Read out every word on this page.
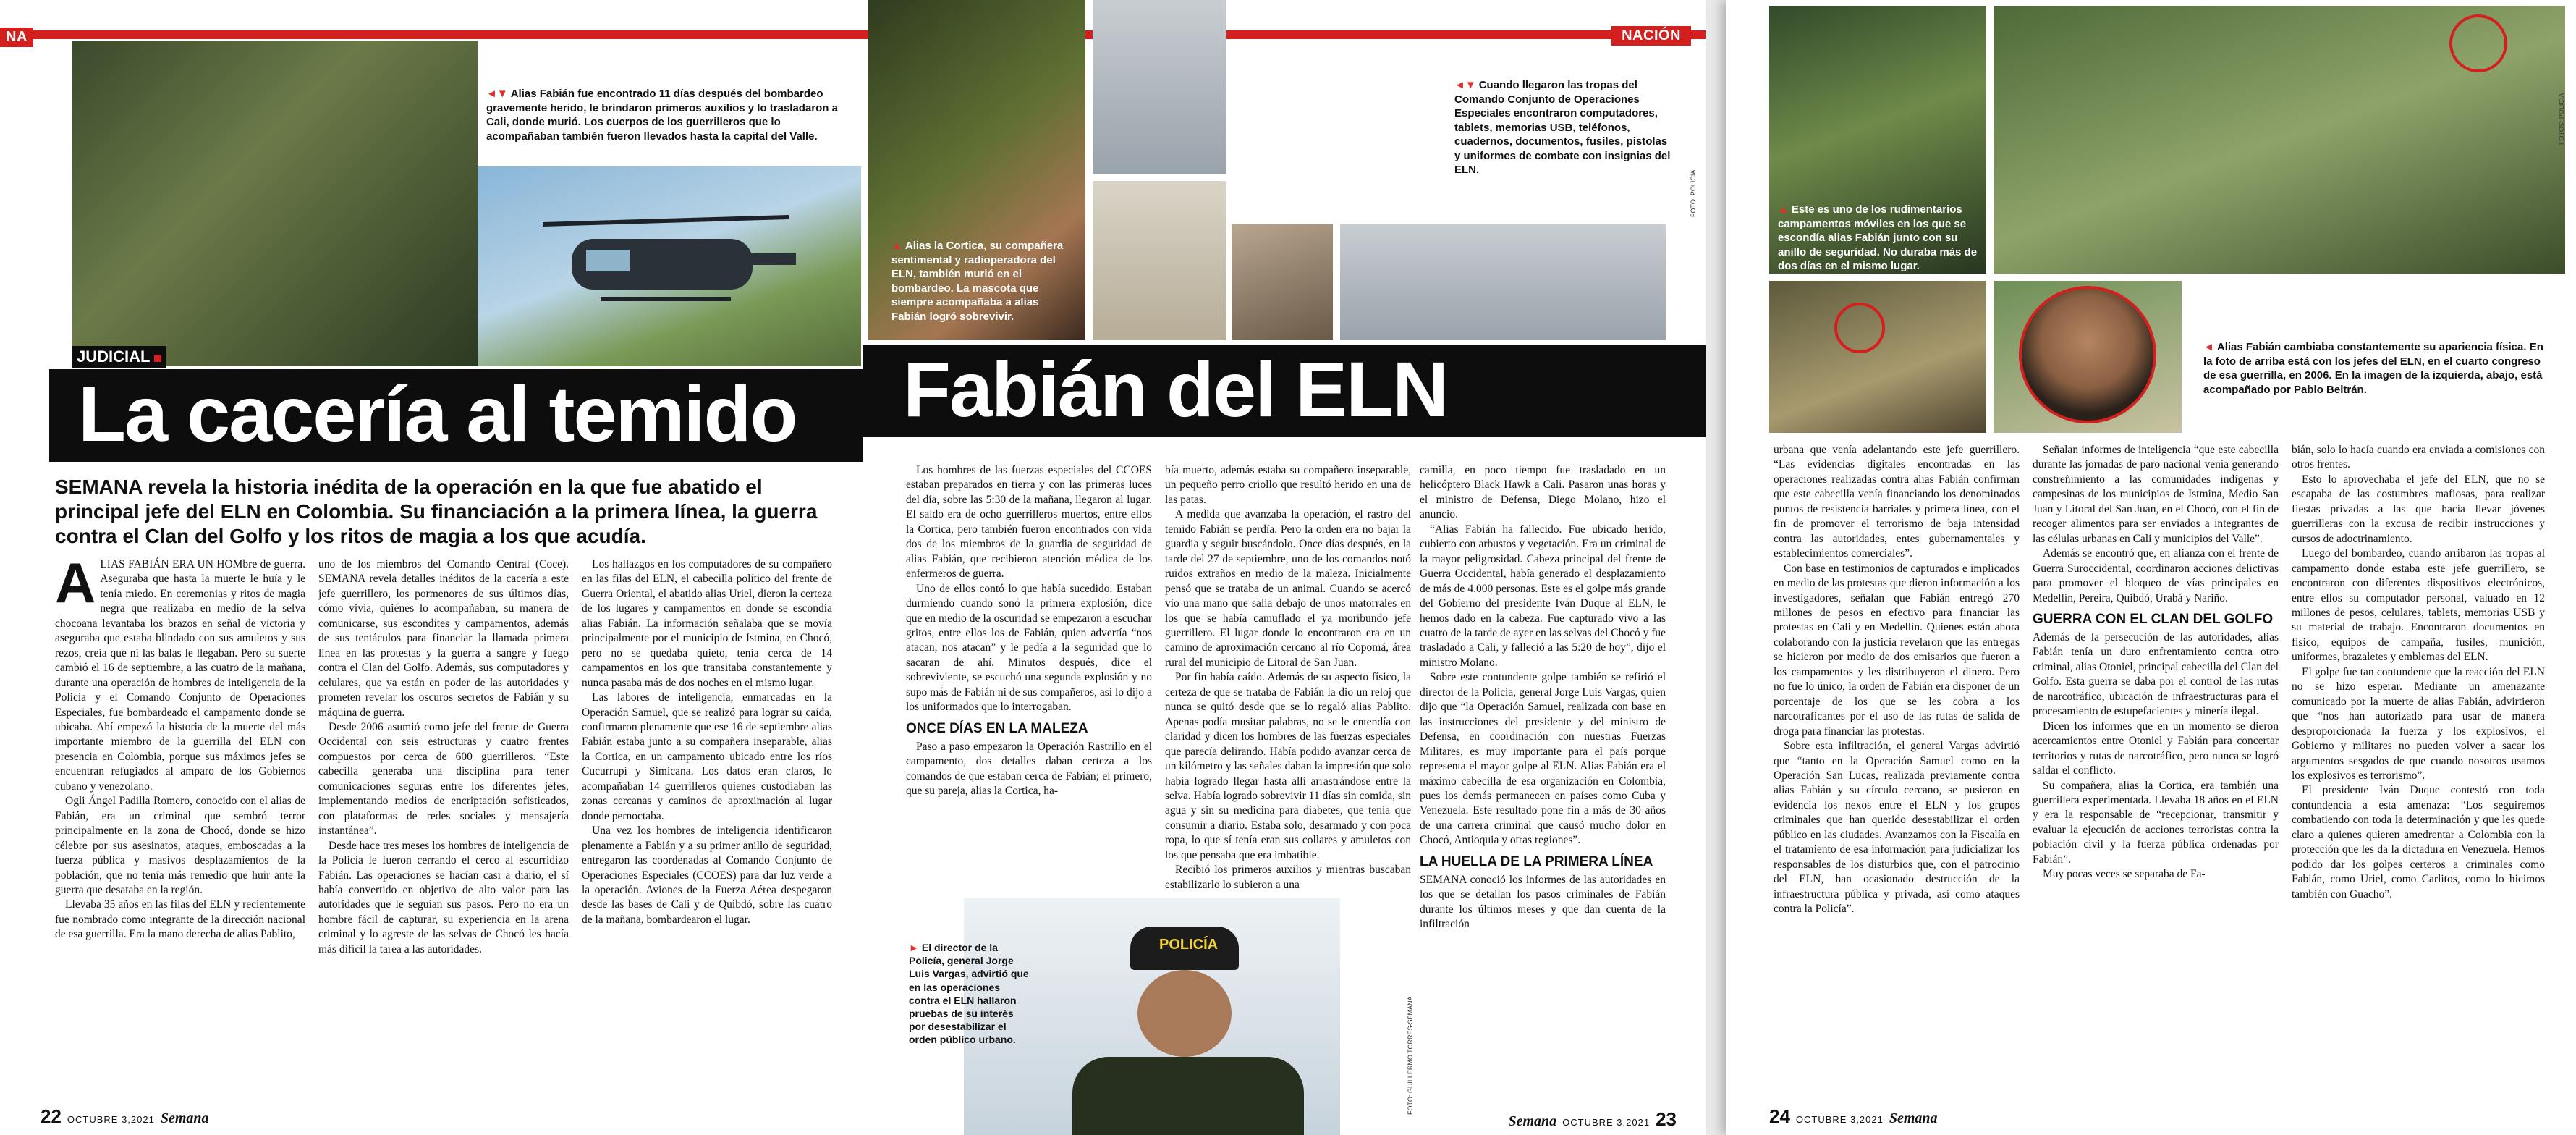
NA
◄▼ Alias Fabián fue encontrado 11 días después del bombardeo gravemente herido, le brindaron primeros auxilios y lo trasladaron a Cali, donde murió. Los cuerpos de los guerrilleros que lo acompañaban también fueron llevados hasta la capital del Valle.
JUDICIAL
La cacería al temido
SEMANA revela la historia inédita de la operación en la que fue abatido el principal jefe del ELN en Colombia. Su financiación a la primera línea, la guerra contra el Clan del Golfo y los ritos de magia a los que acudía.
A LIAS FABIÁN ERA UN HOMbre de guerra. Aseguraba que hasta la muerte le huía y le tenía miedo. En ceremonias y ritos de magia negra que realizaba en medio de la selva chocoana levantaba los brazos en señal de victoria y aseguraba que estaba blindado con sus amuletos y sus rezos, creía que ni las balas le llegaban. Pero su suerte cambió el 16 de septiembre, a las cuatro de la mañana, durante una operación de hombres de inteligencia de la Policía y el Comando Conjunto de Operaciones Especiales, fue bombardeado el campamento donde se ubicaba. Ahí empezó la historia de la muerte del más importante miembro de la guerrilla del ELN con presencia en Colombia, porque sus máximos jefes se encuentran refugiados al amparo de los Gobiernos cubano y venezolano.

Ogli Ángel Padilla Romero, conocido con el alias de Fabián, era un criminal que sembró terror principalmente en la zona de Chocó, donde se hizo célebre por sus asesinatos, ataques, emboscadas a la fuerza pública y masivos desplazamientos de la población, que no tenía más remedio que huir ante la guerra que desataba en la región.

Llevaba 35 años en las filas del ELN y recientemente fue nombrado como integrante de la dirección nacional de esa guerrilla. Era la mano derecha de alias Pablito,

uno de los miembros del Comando Central (Coce). SEMANA revela detalles inéditos de la cacería a este jefe guerrillero, los pormenores de sus últimos días, cómo vivía, quiénes lo acompañaban, su manera de comunicarse, sus escondites y campamentos, además de sus tentáculos para financiar la llamada primera línea en las protestas y la guerra a sangre y fuego contra el Clan del Golfo. Además, sus computadores y celulares, que ya están en poder de las autoridades y prometen revelar los oscuros secretos de Fabián y su máquina de guerra.

Desde 2006 asumió como jefe del frente de Guerra Occidental con seis estructuras y cuatro frentes compuestos por cerca de 600 guerrilleros. “Este cabecilla generaba una disciplina para tener comunicaciones seguras entre los diferentes jefes, implementando medios de encriptación sofisticados, con plataformas de redes sociales y mensajería instantánea”.

Desde hace tres meses los hombres de inteligencia de la Policía le fueron cerrando el cerco al escurridizo Fabián. Las operaciones se hacían casi a diario, el sí había convertido en objetivo de alto valor para las autoridades que le seguían sus pasos. Pero no era un hombre fácil de capturar, su experiencia en la arena criminal y lo agreste de las selvas de Chocó les hacía más difícil la tarea a las autoridades.

Los hallazgos en los computadores de su compañero en las filas del ELN, el cabecilla político del frente de Guerra Oriental, el abatido alias Uriel, dieron la certeza de los lugares y campamentos en donde se escondía alias Fabián. La información señalaba que se movía principalmente por el municipio de Istmina, en Chocó, pero no se quedaba quieto, tenía cerca de 14 campamentos en los que transitaba constantemente y nunca pasaba más de dos noches en el mismo lugar.

Las labores de inteligencia, enmarcadas en la Operación Samuel, que se realizó para lograr su caída, confirmaron plenamente que ese 16 de septiembre alias Fabián estaba junto a su compañera inseparable, alias la Cortica, en un campamento ubicado entre los ríos Cucurrupí y Simicana. Los datos eran claros, lo acompañaban 14 guerrilleros quienes custodiaban las zonas cercanas y caminos de aproximación al lugar donde pernoctaba.

Una vez los hombres de inteligencia identificaron plenamente a Fabián y a su primer anillo de seguridad, entregaron las coordenadas al Comando Conjunto de Operaciones Especiales (CCOES) para dar luz verde a la operación. Aviones de la Fuerza Aérea despegaron desde las bases de Cali y de Quibdó, sobre las cuatro de la mañana, bombardearon el lugar.

22 OCTUBRE 3,2021 Semana
NACIÓN
▲ Alias la Cortica, su compañera sentimental y radioperadora del ELN, también murió en el bombardeo. La mascota que siempre acompañaba a alias Fabián logró sobrevivir.
◄▼ Cuando llegaron las tropas del Comando Conjunto de Operaciones Especiales encontraron computadores, tablets, memorias USB, teléfonos, cuadernos, documentos, fusiles, pistolas y uniformes de combate con insignias del ELN.
FOTO: POLICÍA
Fabián del ELN

Los hombres de las fuerzas especiales del CCOES estaban preparados en tierra y con las primeras luces del día, sobre las 5:30 de la mañana, llegaron al lugar. El saldo era de ocho guerrilleros muertos, entre ellos la Cortica, pero también fueron encontrados con vida dos de los miembros de la guardia de seguridad de alias Fabián, que recibieron atención médica de los enfermeros de guerra.

Uno de ellos contó lo que había sucedido. Estaban durmiendo cuando sonó la primera explosión, dice que en medio de la oscuridad se empezaron a escuchar gritos, entre ellos los de Fabián, quien advertía “nos atacan, nos atacan” y le pedía a la seguridad que lo sacaran de ahí. Minutos después, dice el sobreviviente, se escuchó una segunda explosión y no supo más de Fabián ni de sus compañeros, así lo dijo a los uniformados que lo interrogaban.

ONCE DÍAS EN LA MALEZA

Paso a paso empezaron la Operación Rastrillo en el campamento, dos detalles daban certeza a los comandos de que estaban cerca de Fabián; el primero, que su pareja, alias la Cortica, ha-

POLICÍA
► El director de la Policía, general Jorge Luis Vargas, advirtió que en las operaciones contra el ELN hallaron pruebas de su interés por desestabilizar el orden público urbano.

bía muerto, además estaba su compañero inseparable, un pequeño perro criollo que resultó herido en una de las patas.

A medida que avanzaba la operación, el rastro del temido Fabián se perdía. Pero la orden era no bajar la guardia y seguir buscándolo. Once días después, en la tarde del 27 de septiembre, uno de los comandos notó ruidos extraños en medio de la maleza. Inicialmente pensó que se trataba de un animal. Cuando se acercó vio una mano que salía debajo de unos matorrales en los que se había camuflado el ya moribundo jefe guerrillero. El lugar donde lo encontraron era en un camino de aproximación cercano al río Copomá, área rural del municipio de Litoral de San Juan.

Por fin había caído. Además de su aspecto físico, la certeza de que se trataba de Fabián la dio un reloj que nunca se quitó desde que se lo regaló alias Pablito. Apenas podía musitar palabras, no se le entendía con claridad y dicen los hombres de las fuerzas especiales que parecía delirando. Había podido avanzar cerca de un kilómetro y las señales daban la impresión que solo había logrado llegar hasta allí arrastrándose entre la selva. Había logrado sobrevivir 11 días sin comida, sin agua y sin su medicina para diabetes, que tenía que consumir a diario. Estaba solo, desarmado y con poca ropa, lo que sí tenía eran sus collares y amuletos con los que pensaba que era imbatible.

Recibió los primeros auxilios y mientras buscaban estabilizarlo lo subieron a una

camilla, en poco tiempo fue trasladado en un helicóptero Black Hawk a Cali. Pasaron unas horas y el ministro de Defensa, Diego Molano, hizo el anuncio.

“Alias Fabián ha fallecido. Fue ubicado herido, cubierto con arbustos y vegetación. Era un criminal de la mayor peligrosidad. Cabeza principal del frente de Guerra Occidental, había generado el desplazamiento de más de 4.000 personas. Este es el golpe más grande del Gobierno del presidente Iván Duque al ELN, le hemos dado en la cabeza. Fue capturado vivo a las cuatro de la tarde de ayer en las selvas del Chocó y fue trasladado a Cali, y falleció a las 5:20 de hoy”, dijo el ministro Molano.

Sobre este contundente golpe también se refirió el director de la Policía, general Jorge Luis Vargas, quien dijo que “la Operación Samuel, realizada con base en las instrucciones del presidente y del ministro de Defensa, en coordinación con nuestras Fuerzas Militares, es muy importante para el país porque representa el mayor golpe al ELN. Alias Fabián era el máximo cabecilla de esa organización en Colombia, pues los demás permanecen en países como Cuba y Venezuela. Este resultado pone fin a más de 30 años de una carrera criminal que causó mucho dolor en Chocó, Antioquia y otras regiones”.

LA HUELLA DE LA PRIMERA LÍNEA

SEMANA conoció los informes de las autoridades en los que se detallan los pasos criminales de Fabián durante los últimos meses y que dan cuenta de la infiltración

FOTO: GUILLERMO TORRES-SEMANA
Semana OCTUBRE 3,2021 23
▲ Este es uno de los rudimentarios campamentos móviles en los que se escondía alias Fabián junto con su anillo de seguridad. No duraba más de dos días en el mismo lugar.
FOTOS: POLICÍA
◄ Alias Fabián cambiaba constantemente su apariencia física. En la foto de arriba está con los jefes del ELN, en el cuarto congreso de esa guerrilla, en 2006. En la imagen de la izquierda, abajo, está acompañado por Pablo Beltrán.

urbana que venía adelantando este jefe guerrillero. “Las evidencias digitales encontradas en las operaciones realizadas contra alias Fabián confirman que este cabecilla venía financiando los denominados puntos de resistencia barriales y primera línea, con el fin de promover el terrorismo de baja intensidad contra las autoridades, entes gubernamentales y establecimientos comerciales”.

Con base en testimonios de capturados e implicados en medio de las protestas que dieron información a los investigadores, señalan que Fabián entregó 270 millones de pesos en efectivo para financiar las protestas en Cali y en Medellín. Quienes están ahora colaborando con la justicia revelaron que las entregas se hicieron por medio de dos emisarios que fueron a los campamentos y les distribuyeron el dinero. Pero no fue lo único, la orden de Fabián era disponer de un porcentaje de los que se les cobra a los narcotraficantes por el uso de las rutas de salida de droga para financiar las protestas.

Sobre esta infiltración, el general Vargas advirtió que “tanto en la Operación Samuel como en la Operación San Lucas, realizada previamente contra alias Fabián y su círculo cercano, se pusieron en evidencia los nexos entre el ELN y los grupos criminales que han querido desestabilizar el orden público en las ciudades. Avanzamos con la Fiscalía en el tratamiento de esa información para judicializar los responsables de los disturbios que, con el patrocinio del ELN, han ocasionado destrucción de la infraestructura pública y privada, así como ataques contra la Policía”.

Señalan informes de inteligencia “que este cabecilla durante las jornadas de paro nacional venía generando constreñimiento a las comunidades indígenas y campesinas de los municipios de Istmina, Medio San Juan y Litoral del San Juan, en el Chocó, con el fin de recoger alimentos para ser enviados a integrantes de las células urbanas en Cali y municipios del Valle”.

Además se encontró que, en alianza con el frente de Guerra Suroccidental, coordinaron acciones delictivas para promover el bloqueo de vías principales en Medellín, Pereira, Quibdó, Urabá y Nariño.

GUERRA CON EL CLAN DEL GOLFO

Además de la persecución de las autoridades, alias Fabián tenía un duro enfrentamiento contra otro criminal, alias Otoniel, principal cabecilla del Clan del Golfo. Esta guerra se daba por el control de las rutas de narcotráfico, ubicación de infraestructuras para el procesamiento de estupefacientes y minería ilegal.

Dicen los informes que en un momento se dieron acercamientos entre Otoniel y Fabián para concertar territorios y rutas de narcotráfico, pero nunca se logró saldar el conflicto.

Su compañera, alias la Cortica, era también una guerrillera experimentada. Llevaba 18 años en el ELN y era la responsable de “recepcionar, transmitir y evaluar la ejecución de acciones terroristas contra la población civil y la fuerza pública ordenadas por Fabián”.

Muy pocas veces se separaba de Fa-

bián, solo lo hacía cuando era enviada a comisiones con otros frentes.

Esto lo aprovechaba el jefe del ELN, que no se escapaba de las costumbres mafiosas, para realizar fiestas privadas a las que hacía llevar jóvenes guerrilleras con la excusa de recibir instrucciones y cursos de adoctrinamiento.

Luego del bombardeo, cuando arribaron las tropas al campamento donde estaba este jefe guerrillero, se encontraron con diferentes dispositivos electrónicos, entre ellos su computador personal, valuado en 12 millones de pesos, celulares, tablets, memorias USB y su material de trabajo. Encontraron documentos en físico, equipos de campaña, fusiles, munición, uniformes, brazaletes y emblemas del ELN.

El golpe fue tan contundente que la reacción del ELN no se hizo esperar. Mediante un amenazante comunicado por la muerte de alias Fabián, advirtieron que “nos han autorizado para usar de manera desproporcionada la fuerza y los explosivos, el Gobierno y militares no pueden volver a sacar los argumentos sesgados de que cuando nosotros usamos los explosivos es terrorismo”.

El presidente Iván Duque contestó con toda contundencia a esta amenaza: “Los seguiremos combatiendo con toda la determinación y que les quede claro a quienes quieren amedrentar a Colombia con la protección que les da la dictadura en Venezuela. Hemos podido dar los golpes certeros a criminales como Fabián, como Uriel, como Carlitos, como lo hicimos también con Guacho”.

24 OCTUBRE 3,2021 Semana
